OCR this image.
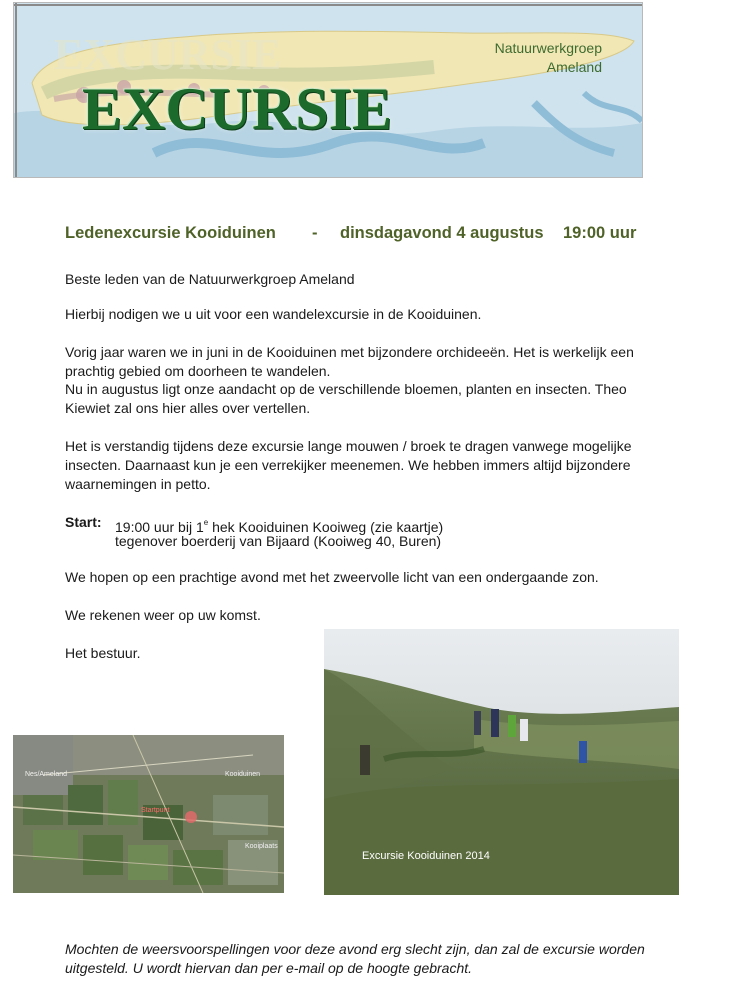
EXCURSIE
EXCURSIE
Natuurwerkgroep
Ameland
Ledenexcursie Kooiduinen - dinsdagavond 4 augustus 19:00 uur

Beste leden van de Natuurwerkgroep Ameland

Hierbij nodigen we u uit voor een wandelexcursie in de Kooiduinen.

Vorig jaar waren we in juni in de Kooiduinen met bijzondere orchideeën. Het is werkelijk een prachtig gebied om doorheen te wandelen.

Nu in augustus ligt onze aandacht op de verschillende bloemen, planten en insecten. Theo Kiewiet zal ons hier alles over vertellen.

Het is verstandig tijdens deze excursie lange mouwen / broek te dragen vanwege mogelijke insecten. Daarnaast kun je een verrekijker meenemen. We hebben immers altijd bijzondere waarnemingen in petto.

Start: 19:00 uur bij 1e hek Kooiduinen Kooiweg (zie kaartje)
tegenover boerderij van Bijaard (Kooiweg 40, Buren)

We hopen op een prachtige avond met het zweervolle licht van een ondergaande zon.

We rekenen weer op uw komst.

Het bestuur.

Nes/Ameland	Kooiduinen
Startpunt
Kooiplaats
Excursie Kooiduinen 2014

Mochten de weersvoorspellingen voor deze avond erg slecht zijn, dan zal de excursie worden uitgesteld. U wordt hiervan dan per e-mail op de hoogte gebracht.
